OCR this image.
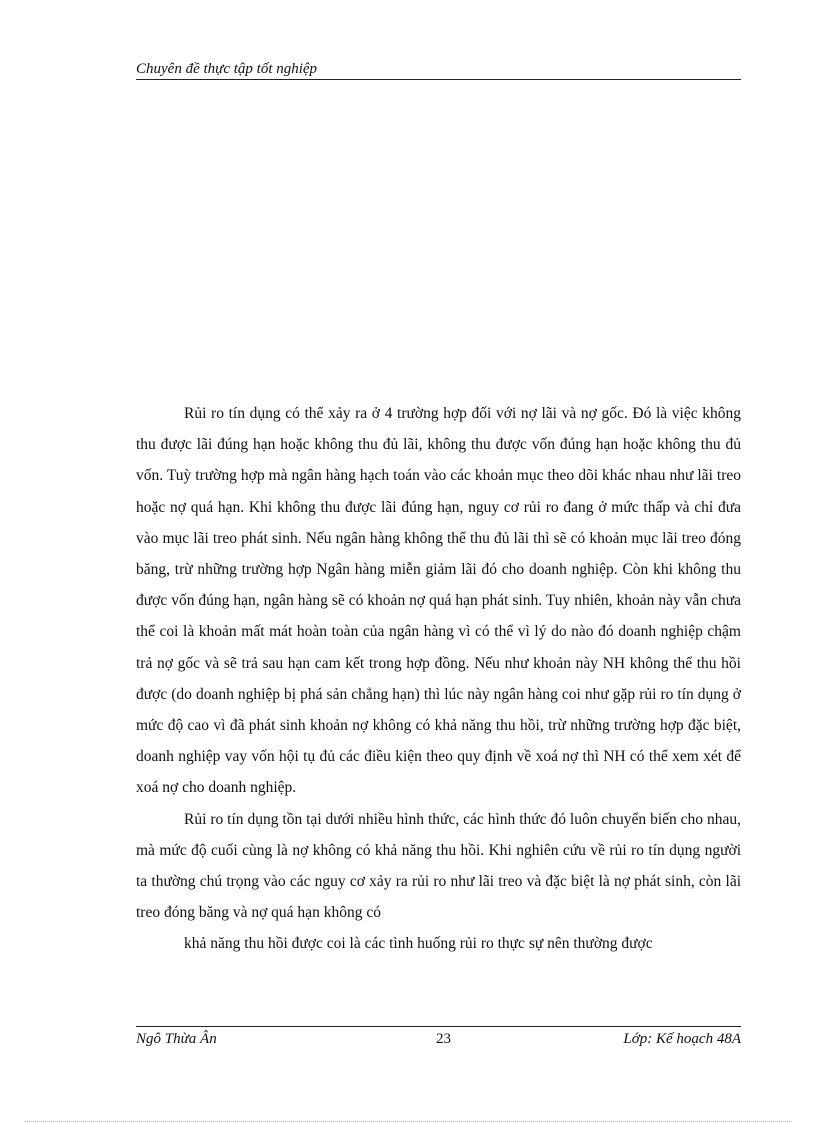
Chuyên đề thực tập tốt nghiệp

Rủi ro tín dụng có thể xảy ra ở 4 trường hợp đối với nợ lãi và nợ gốc. Đó là việc không thu được lãi đúng hạn hoặc không thu đủ lãi, không thu được vốn đúng hạn hoặc không thu đủ vốn. Tuỳ trường hợp mà ngân hàng hạch toán vào các khoản mục theo dõi khác nhau như lãi treo hoặc nợ quá hạn. Khi không thu được lãi đúng hạn, nguy cơ rủi ro đang ở mức thấp và chỉ đưa vào mục lãi treo phát sinh. Nếu ngân hàng không thể thu đủ lãi thì sẽ có khoản mục lãi treo đóng băng, trừ những trường hợp Ngân hàng miễn giảm lãi đó cho doanh nghiệp. Còn khi không thu được vốn đúng hạn, ngân hàng sẽ có khoản nợ quá hạn phát sinh. Tuy nhiên, khoản này vẫn chưa thể coi là khoản mất mát hoàn toàn của ngân hàng vì có thể vì lý do nào đó doanh nghiệp chậm trả nợ gốc và sẽ trả sau hạn cam kết trong hợp đồng. Nếu như khoản này NH không thể thu hồi được (do doanh nghiệp bị phá sản chẳng hạn) thì lúc này ngân hàng coi như gặp rủi ro tín dụng ở mức độ cao vì đã phát sinh khoản nợ không có khả năng thu hồi, trừ những trường hợp đặc biệt, doanh nghiệp vay vốn hội tụ đủ các điều kiện theo quy định về xoá nợ thì NH có thể xem xét để xoá nợ cho doanh nghiệp.

Rủi ro tín dụng tồn tại dưới nhiều hình thức, các hình thức đó luôn chuyển biến cho nhau, mà mức độ cuối cùng là nợ không có khả năng thu hồi. Khi nghiên cứu về rủi ro tín dụng người ta thường chú trọng vào các nguy cơ xảy ra rủi ro như lãi treo và đặc biệt là nợ phát sinh, còn lãi treo đóng băng và nợ quá hạn không có

khả năng thu hồi được coi là các tình huống rủi ro thực sự nên thường được

Ngô Thừa Ân	23	Lớp: Kế hoạch 48A
